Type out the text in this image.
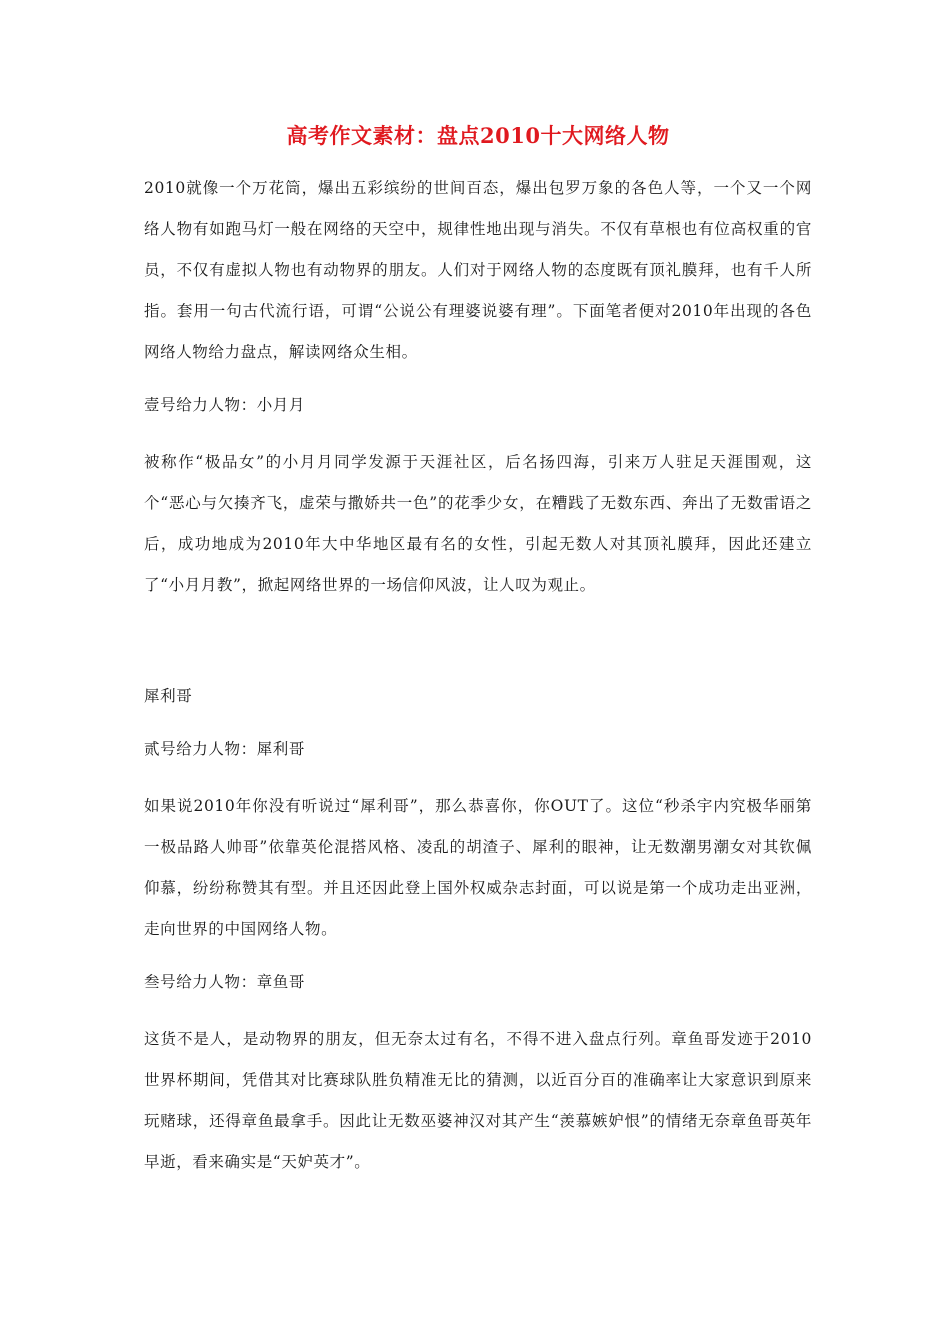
高考作文素材：盘点2010十大网络人物

2010就像一个万花筒，爆出五彩缤纷的世间百态，爆出包罗万象的各色人等，一个又一个网络人物有如跑马灯一般在网络的天空中，规律性地出现与消失。不仅有草根也有位高权重的官员，不仅有虚拟人物也有动物界的朋友。人们对于网络人物的态度既有顶礼膜拜，也有千人所指。套用一句古代流行语，可谓“公说公有理婆说婆有理”。下面笔者便对2010年出现的各色网络人物给力盘点，解读网络众生相。

壹号给力人物：小月月

被称作“极品女”的小月月同学发源于天涯社区，后名扬四海，引来万人驻足天涯围观，这个“恶心与欠揍齐飞，虚荣与撒娇共一色”的花季少女，在糟践了无数东西、奔出了无数雷语之后，成功地成为2010年大中华地区最有名的女性，引起无数人对其顶礼膜拜，因此还建立了“小月月教”，掀起网络世界的一场信仰风波，让人叹为观止。

犀利哥

贰号给力人物：犀利哥

如果说2010年你没有听说过“犀利哥”，那么恭喜你，你OUT了。这位“秒杀宇内究极华丽第一极品路人帅哥”依靠英伦混搭风格、凌乱的胡渣子、犀利的眼神，让无数潮男潮女对其钦佩仰慕，纷纷称赞其有型。并且还因此登上国外权威杂志封面，可以说是第一个成功走出亚洲，走向世界的中国网络人物。

叁号给力人物：章鱼哥

这货不是人，是动物界的朋友，但无奈太过有名，不得不进入盘点行列。章鱼哥发迹于2010世界杯期间，凭借其对比赛球队胜负精准无比的猜测，以近百分百的准确率让大家意识到原来玩赌球，还得章鱼最拿手。因此让无数巫婆神汉对其产生“羡慕嫉妒恨”的情绪无奈章鱼哥英年早逝，看来确实是“天妒英才”。
